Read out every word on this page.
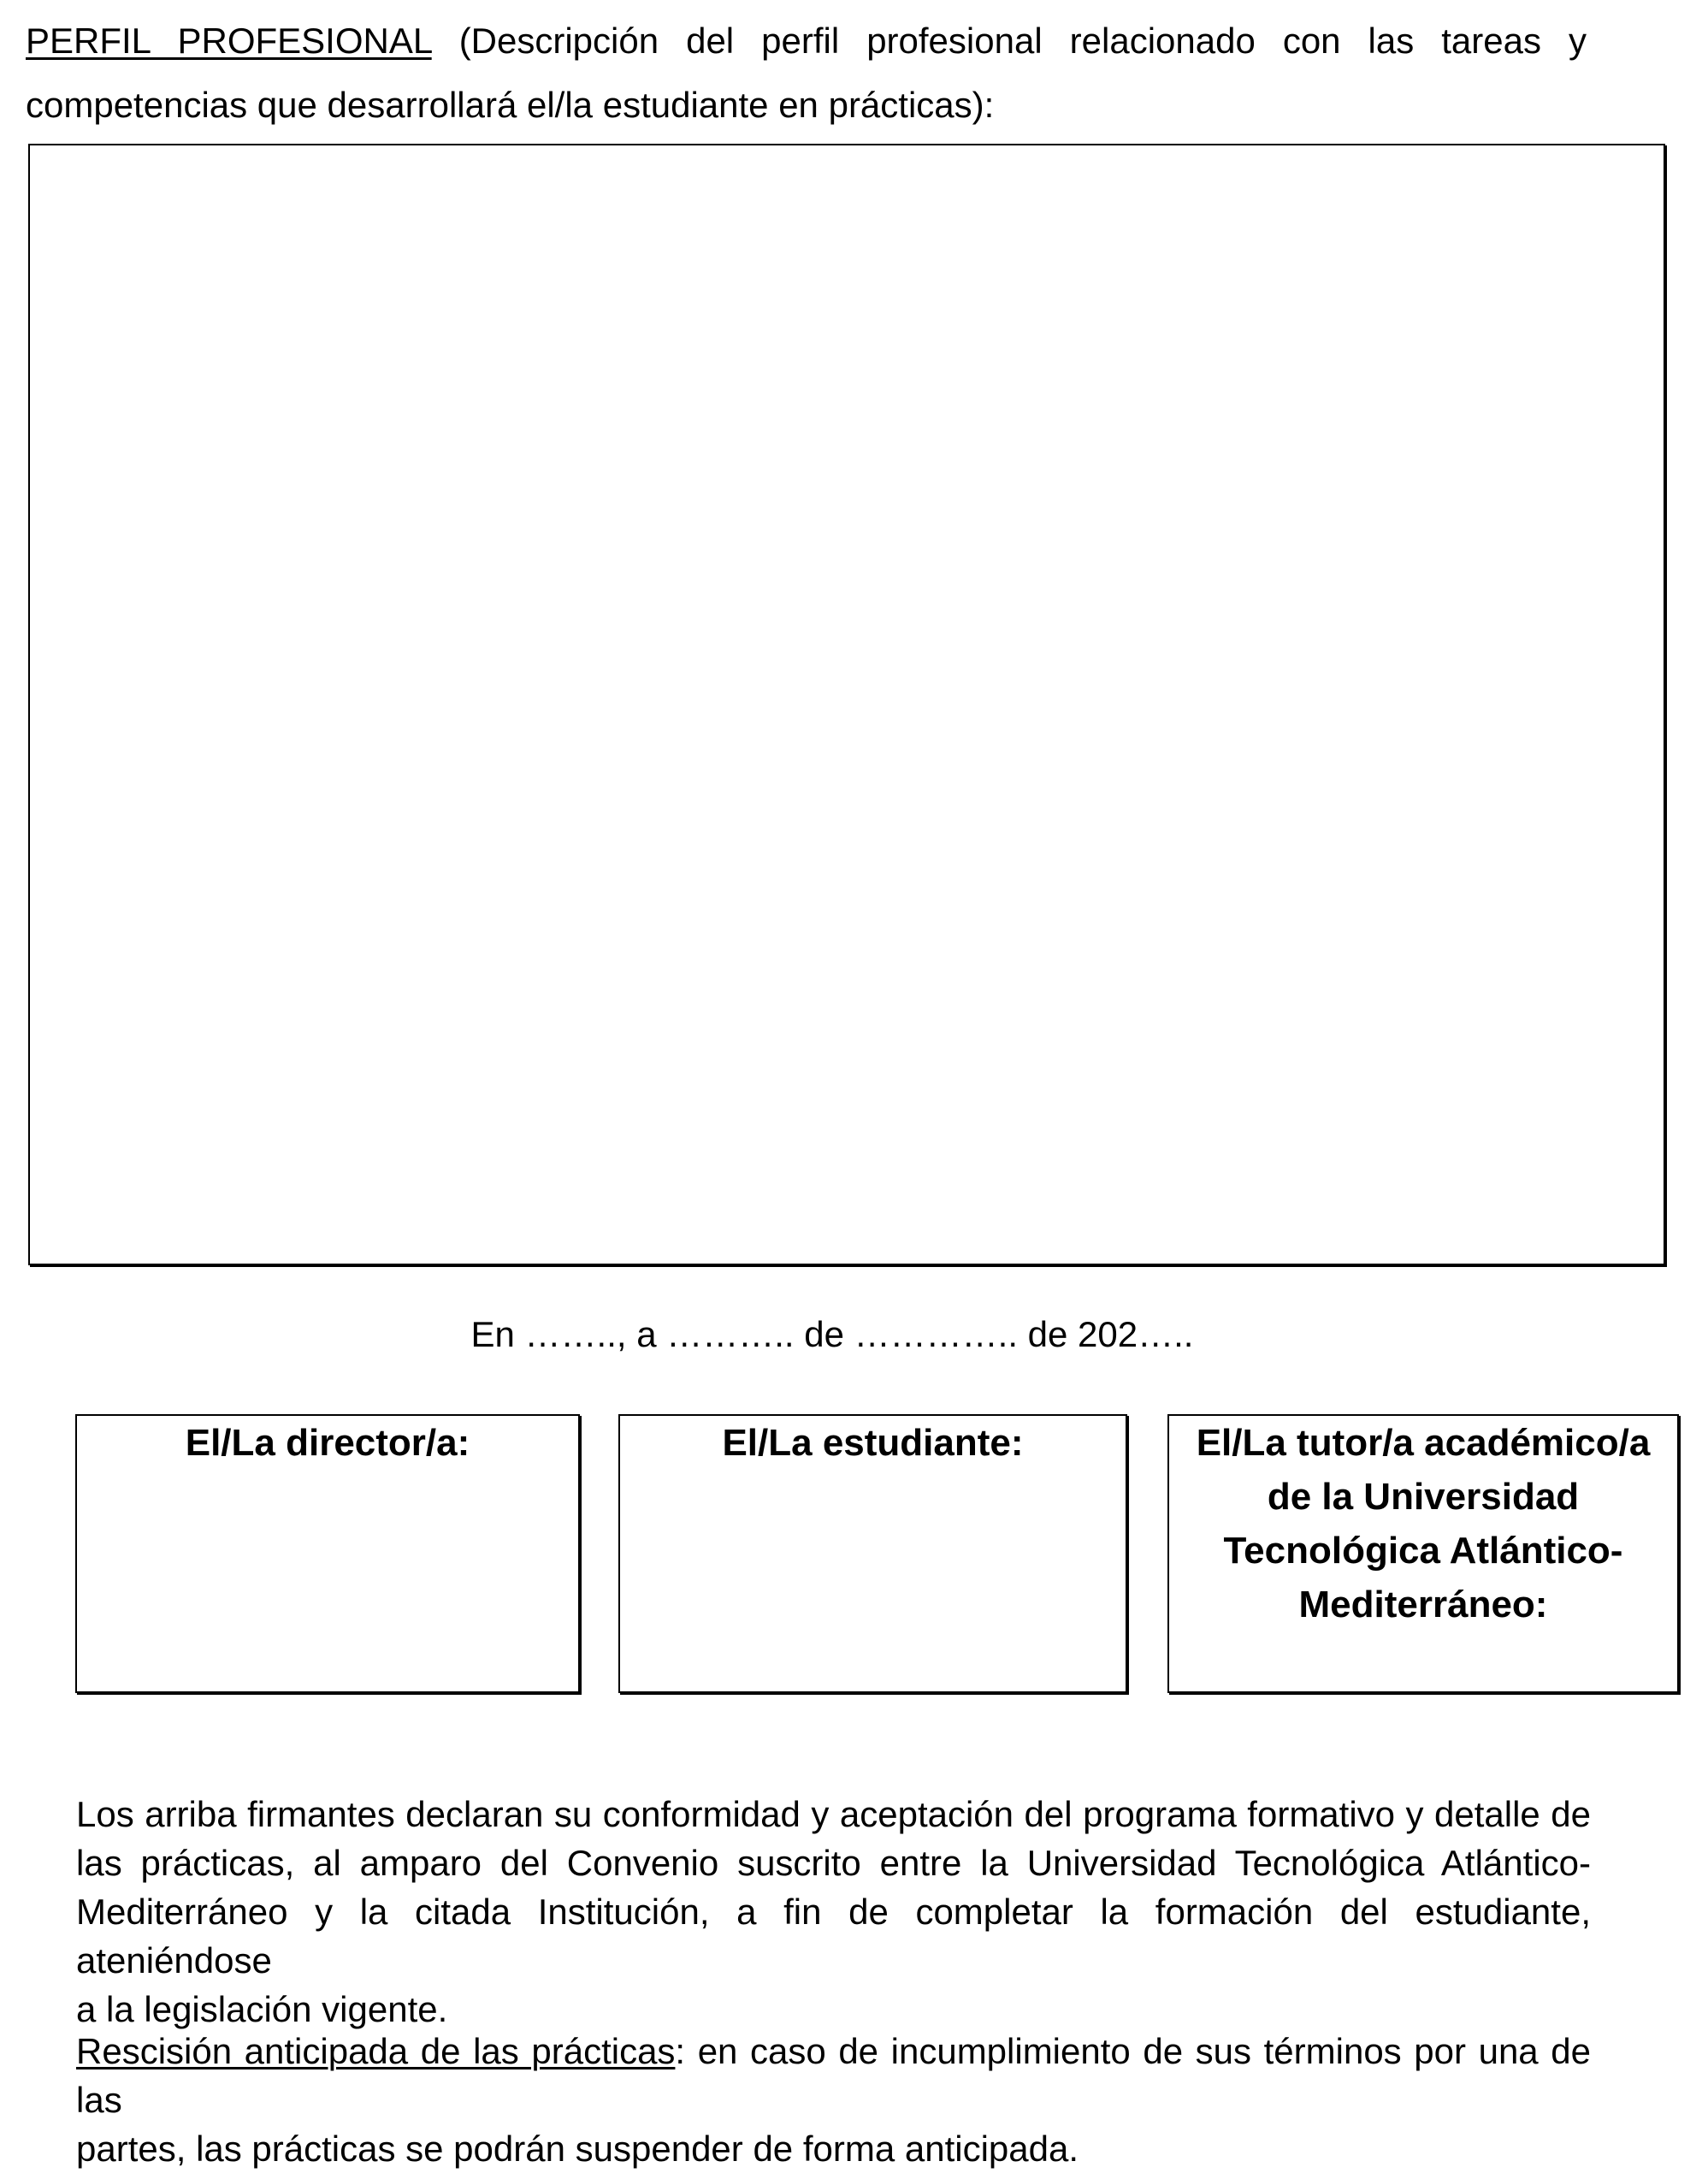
PERFIL PROFESIONAL (Descripción del perfil profesional relacionado con las tareas y
competencias que desarrollará el/la estudiante en prácticas):
En …….., a ……….. de ………….. de 202…..
El/La director/a:	El/La estudiante:	El/La tutor/a académico/a
de la Universidad
Tecnológica Atlántico-
Mediterráneo:
Los arriba firmantes declaran su conformidad y aceptación del programa formativo y detalle de
las prácticas, al amparo del Convenio suscrito entre la Universidad Tecnológica Atlántico-
Mediterráneo y la citada Institución, a fin de completar la formación del estudiante, ateniéndose
a la legislación vigente.
Rescisión anticipada de las prácticas: en caso de incumplimiento de sus términos por una de las
partes, las prácticas se podrán suspender de forma anticipada.
